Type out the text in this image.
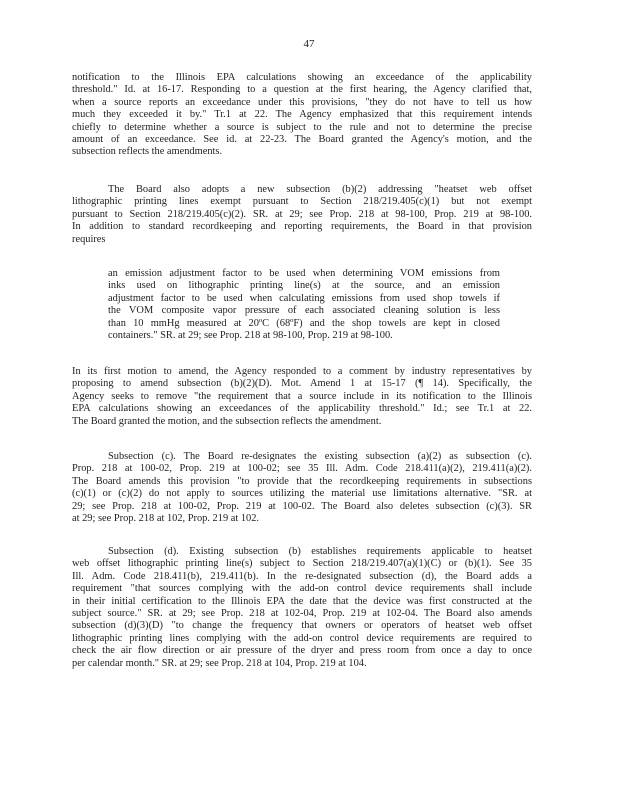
47
notification to the Illinois EPA calculations showing an exceedance of the applicability
threshold." Id. at 16-17. Responding to a question at the first hearing, the Agency clarified that,
when a source reports an exceedance under this provisions, "they do not have to tell us how
much they exceeded it by." Tr.1 at 22. The Agency emphasized that this requirement intends
chiefly to determine whether a source is subject to the rule and not to determine the precise
amount of an exceedance. See id. at 22-23. The Board granted the Agency's motion, and the
subsection reflects the amendments.
The Board also adopts a new subsection (b)(2) addressing "heatset web offset
lithographic printing lines exempt pursuant to Section 218/219.405(c)(1) but not exempt
pursuant to Section 218/219.405(c)(2). SR. at 29; see Prop. 218 at 98-100, Prop. 219 at 98-100.
In addition to standard recordkeeping and reporting requirements, the Board in that provision
requires
an emission adjustment factor to be used when determining VOM emissions from
inks used on lithographic printing line(s) at the source, and an emission
adjustment factor to be used when calculating emissions from used shop towels if
the VOM composite vapor pressure of each associated cleaning solution is less
than 10 mmHg measured at 20ºC (68ºF) and the shop towels are kept in closed
containers." SR. at 29; see Prop. 218 at 98-100, Prop. 219 at 98-100.
In its first motion to amend, the Agency responded to a comment by industry representatives by
proposing to amend subsection (b)(2)(D). Mot. Amend 1 at 15-17 (¶ 14). Specifically, the
Agency seeks to remove "the requirement that a source include in its notification to the Illinois
EPA calculations showing an exceedances of the applicability threshold." Id.; see Tr.1 at 22.
The Board granted the motion, and the subsection reflects the amendment.
Subsection (c). The Board re-designates the existing subsection (a)(2) as subsection (c).
Prop. 218 at 100-02, Prop. 219 at 100-02; see 35 Ill. Adm. Code 218.411(a)(2), 219.411(a)(2).
The Board amends this provision "to provide that the recordkeeping requirements in subsections
(c)(1) or (c)(2) do not apply to sources utilizing the material use limitations alternative. "SR. at
29; see Prop. 218 at 100-02, Prop. 219 at 100-02. The Board also deletes subsection (c)(3). SR
at 29; see Prop. 218 at 102, Prop. 219 at 102.
Subsection (d). Existing subsection (b) establishes requirements applicable to heatset
web offset lithographic printing line(s) subject to Section 218/219.407(a)(1)(C) or (b)(1). See 35
Ill. Adm. Code 218.411(b), 219.411(b). In the re-designated subsection (d), the Board adds a
requirement "that sources complying with the add-on control device requirements shall include
in their initial certification to the Illinois EPA the date that the device was first constructed at the
subject source." SR. at 29; see Prop. 218 at 102-04, Prop. 219 at 102-04. The Board also amends
subsection (d)(3)(D) "to change the frequency that owners or operators of heatset web offset
lithographic printing lines complying with the add-on control device requirements are required to
check the air flow direction or air pressure of the dryer and press room from once a day to once
per calendar month." SR. at 29; see Prop. 218 at 104, Prop. 219 at 104.
